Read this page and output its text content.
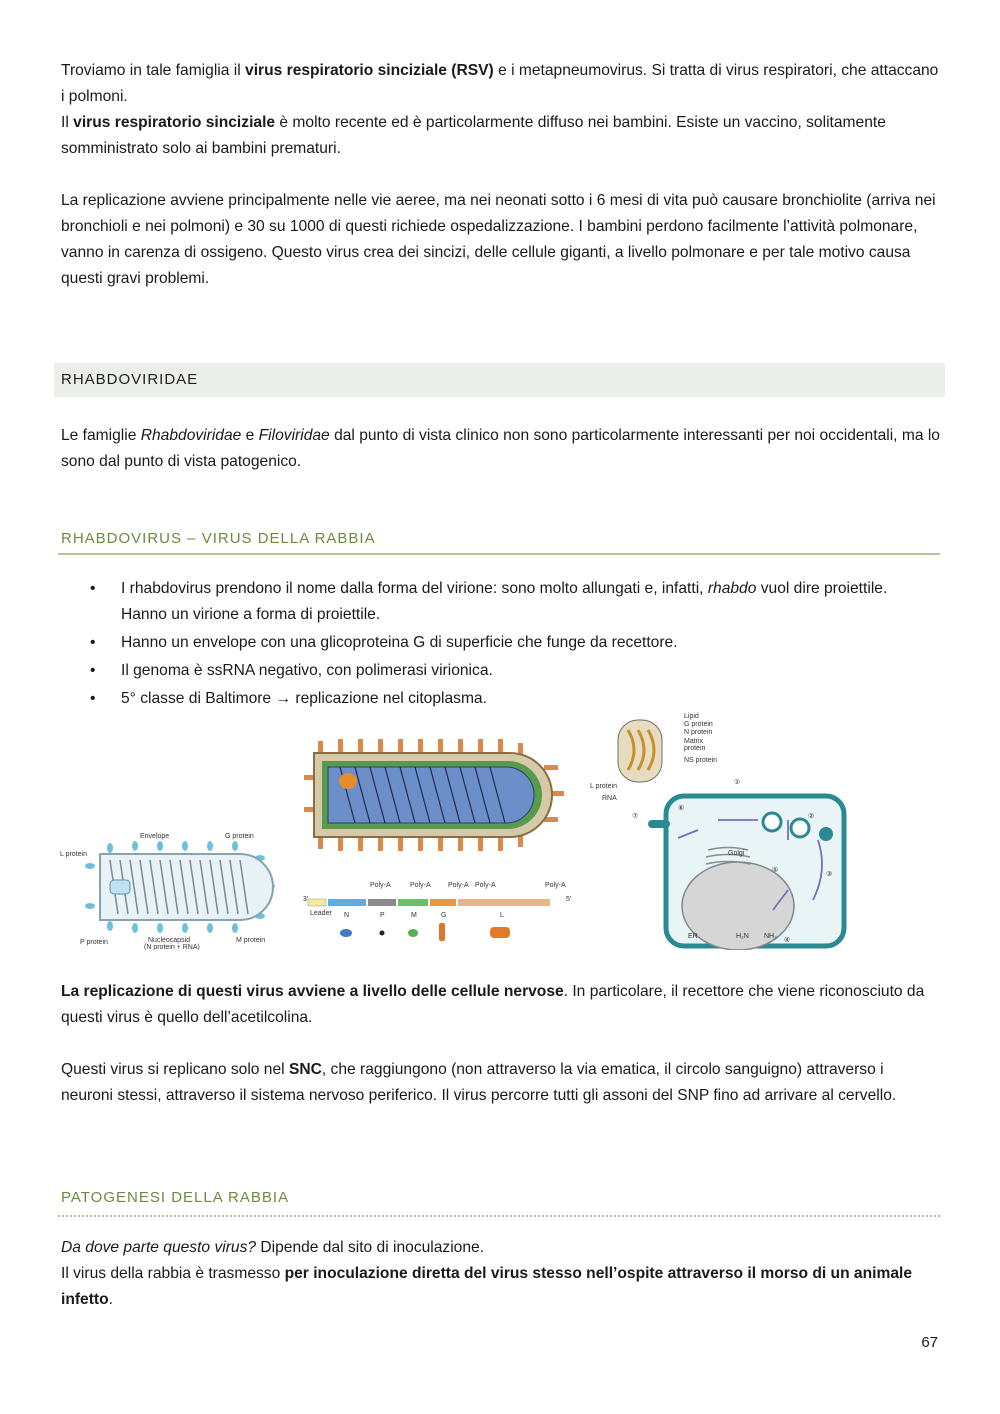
Troviamo in tale famiglia il virus respiratorio sinciziale (RSV) e i metapneumovirus. Si tratta di virus respiratori, che attaccano i polmoni.

Il virus respiratorio sinciziale è molto recente ed è particolarmente diffuso nei bambini. Esiste un vaccino, solitamente somministrato solo ai bambini prematuri.

La replicazione avviene principalmente nelle vie aeree, ma nei neonati sotto i 6 mesi di vita può causare bronchiolite (arriva nei bronchioli e nei polmoni) e 30 su 1000 di questi richiede ospedalizzazione. I bambini perdono facilmente l’attività polmonare, vanno in carenza di ossigeno. Questo virus crea dei sincizi, delle cellule giganti, a livello polmonare e per tale motivo causa questi gravi problemi.

RHABDOVIRIDAE

Le famiglie Rhabdoviridae e Filoviridae dal punto di vista clinico non sono particolarmente interessanti per noi occidentali, ma lo sono dal punto di vista patogenico.

RHABDOVIRUS – VIRUS DELLA RABBIA
• I rhabdovirus prendono il nome dalla forma del virione: sono molto allungati e, infatti, rhabdo vuol dire proiettile. Hanno un virione a forma di proiettile.
• Hanno un envelope con una glicoproteina G di superficie che funge da recettore.
• Il genoma è ssRNA negativo, con polimerasi virionica.
• 5° classe di Baltimore → replicazione nel citoplasma.
Envelope	G protein
L protein
P protein	Nucleocapsid
(N protein + RNA)
M protein
3'	5'
Poly-A	Poly-A Poly-A Poly-A	Poly-A
Leader N	P	M	G	L
Lipid
G protein
N protein
Matrix
protein
NS protein
L protein
RNA
Golgi
ER	H₂N NH₂
①
②
③
④
⑤
⑥
⑦

La replicazione di questi virus avviene a livello delle cellule nervose. In particolare, il recettore che viene riconosciuto da questi virus è quello dell’acetilcolina.

Questi virus si replicano solo nel SNC, che raggiungono (non attraverso la via ematica, il circolo sanguigno) attraverso i neuroni stessi, attraverso il sistema nervoso periferico. Il virus percorre tutti gli assoni del SNP fino ad arrivare al cervello.

PATOGENESI DELLA RABBIA

Da dove parte questo virus? Dipende dal sito di inoculazione.

Il virus della rabbia è trasmesso per inoculazione diretta del virus stesso nell’ospite attraverso il morso di un animale infetto.

67
